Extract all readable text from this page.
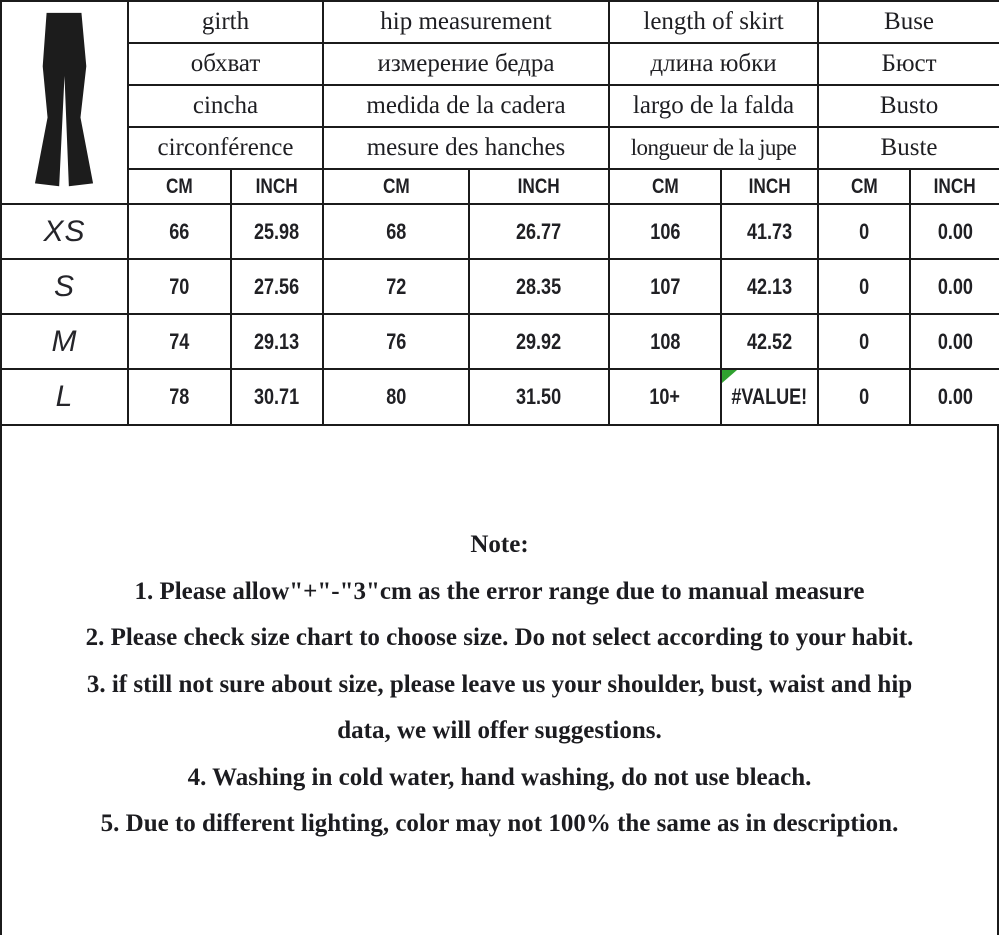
	girth		hip measurement		length of skirt		Buse	
	обхват		измерение бедра		длина юбки		Бюст	
	cincha		medida de la cadera		largo de la falda		Busto	
	circonférence		mesure des hanches		longueur de la jupe		Buste	
	CM	INCH	CM	INCH	CM	INCH	CM	INCH
XS	66	25.98	68	26.77	106	41.73	0	0.00
S	70	27.56	72	28.35	107	42.13	0	0.00
M	74	29.13	76	29.92	108	42.52	0	0.00
L	78	30.71	80	31.50	10+	#VALUE!	0	0.00
Note:
1. Please allow"+"-"3"cm as the error range due to manual measure
2. Please check size chart to choose size. Do not select according to your habit.
3. if still not sure about size, please leave us your shoulder, bust, waist and hip
data, we will offer suggestions.
4. Washing in cold water, hand washing, do not use bleach.
5. Due to different lighting, color may not 100% the same as in description.
